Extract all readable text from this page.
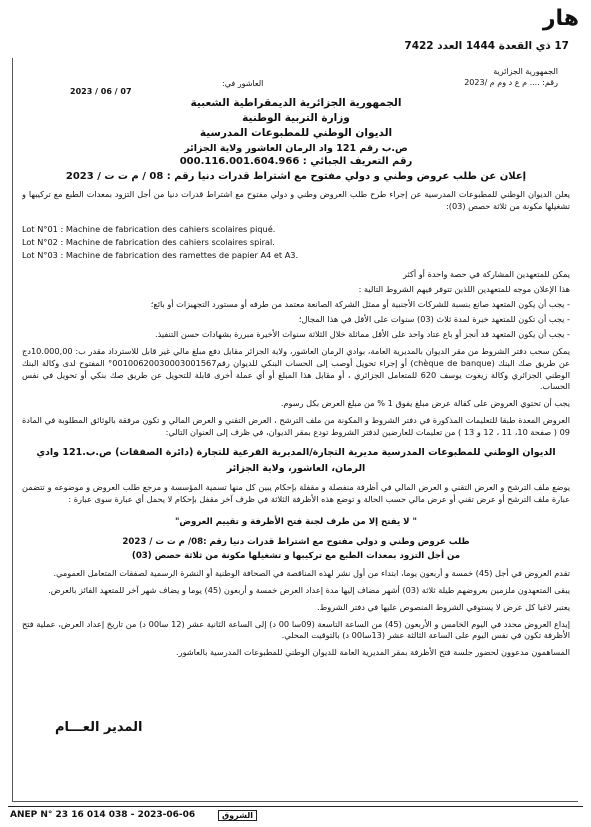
هار
17 ذي القعدة 1444 العدد 7422
الجمهورية الجزائرية
رقم: .... م ع د وم م /2023
العاشور في:
2023 / 06 / 07
الجمهورية الجزائرية الديمقراطية الشعبية
وزارة التربية الوطنية
الديوان الوطني للمطبوعات المدرسية
ص.ب رقم 121 واد الرمان العاشور ولاية الجزائر
رقم التعريف الجبائي : 000.116.001.604.966
إعلان عن طلب عروض وطني و دولي مفتوح مع اشتراط قدرات دنيا رقم : 08 / م ت ت / 2023
يعلن الديوان الوطني للمطبوعات المدرسية عن إجراء طرح طلب العروض وطني و دولي مفتوح مع اشتراط قدرات دنيا من أجل التزود بمعدات الطبع مع تركيبها و تشغيلها مكونة من ثلاثة حصص (03):
Lot N°01 : Machine de fabrication des cahiers scolaires piqué.
Lot N°02 : Machine de fabrication des cahiers scolaires spiral.
Lot N°03 : Machine de fabrication des ramettes de papier A4 et A3.
يمكن للمتعهدين المشاركة في حصة واحدة أو أكثر
هذا الإعلان موجه للمتعهدين اللذين تتوفر فيهم الشروط التالية :
- يجب أن يكون المتعهد صانع بنسبة للشركات الأجنبية أو ممثل الشركة الصانعة معتمد من طرفه أو مستورد التجهيزات أو بائع؛
- يجب أن تكون للمتعهد خبرة لمدة ثلاث (03) سنوات على الأقل في هذا المجال؛
- يجب أن يكون المتعهد قد أنجز أو باع عتاد واحد على الأقل مماثلة خلال الثلاثة سنوات الأخيرة مبررة بشهادات حسن التنفيذ.
يمكن سحب دفتر الشروط من مقر الديوان بالمديرية العامة، بوادي الرمان العاشور، ولاية الجزائر مقابل دفع مبلغ مالي غير قابل للاسترداد مقدر ب: 10.000,00دج عن طريق صك البنك (chèque de banque) أو إجراء تحويل أوصب إلى الحساب البنكي للديوان رقم00100620030003001567° المفتوح لدى وكالة البنك الوطني الجزائري وكالة زيغوت يوسف 620 للمتعامل الجزائري ، أو مقابل هذا المبلغ أو أي عملة أخرى قابلة للتحويل عن طريق صك بنكي أو تحويل في نفس الحساب.
يجب أن تحتوي العروض على كفالة عرض مبلغ يفوق 1 % من مبلغ العرض بكل رسوم.
العروض المعدة طبقا للتعليمات المذكورة في دفتر الشروط و المكونة من ملف الترشح ، العرض التقني و العرض المالي و تكون مرفقة بالوثائق المطلوبة في المادة 09 ( صفحة 10، 11 ، 12 و 13 ) من تعليمات للعارضين لدفتر الشروط تودع بمقر الديوان، في ظرف إلى العنوان التالي:
الديوان الوطني للمطبوعات المدرسية مديرية التجارة/المديرية الفرعية للتجارة (دائرة الصفقات) ص.ب.121 وادي الرمان، العاشور، ولاية الجزائر
يوضع ملف الترشح و العرض التقني و العرض المالي في أظرفة منفصلة و مقفلة بإحكام يبين كل منها تسمية المؤسسة و مرجع طلب العروض و موضوعه و تتضمن عبارة ملف الترشح أو عرض تقني أو عرض مالي حسب الحالة و توضع هذه الأظرفة الثلاثة في ظرف آخر مقفل بإحكام لا يحمل أي عبارة سوى عبارة :
" لا يفتح إلا من طرف لجنة فتح الأظرفة و تقييم العروض"
طلب عروض وطني و دولي مفتوح مع اشتراط قدرات دنيا رقم :08/ م ت ت / 2023
من أجل التزود بمعدات الطبع مع تركيبها و تشغيلها مكونة من ثلاثة حصص (03)
تقدم العروض في أجل (45) خمسة و أربعون يوما، ابتداء من أول نشر لهذه المناقصة في الصحافة الوطنية أو النشرة الرسمية لصفقات المتعامل العمومي.
يبقى المتعهدون ملزمين بعروضهم طيلة ثلاثة (03) أشهر مضاف إليها مدة إعداد العرض خمسة و أربعون (45) يوما و يضاف شهر آخر للمتعهد الفائز بالعرض.
يعتبر لاغيا كل عرض لا يستوفي الشروط المنصوص عليها في دفتر الشروط.
إيداع العروض محدد في اليوم الخامس و الأربعون (45) من الساعة التاسعة (09سا 00 د) إلى الساعة الثانية عشر (12 سا00 د) من تاريخ إعداد العرض، عملية فتح الأظرفة تكون في نفس اليوم على الساعة الثالثة عشر (13سا00 د) بالتوقيت المحلي.
المساهمون مدعوون لحضور جلسة فتح الأظرفة بمقر المديرية العامة للديوان الوطني للمطبوعات المدرسية بالعاشور.
المدير العـــام
ANEP N° 23 16 014 038 - 2023-06-06	الشروق
